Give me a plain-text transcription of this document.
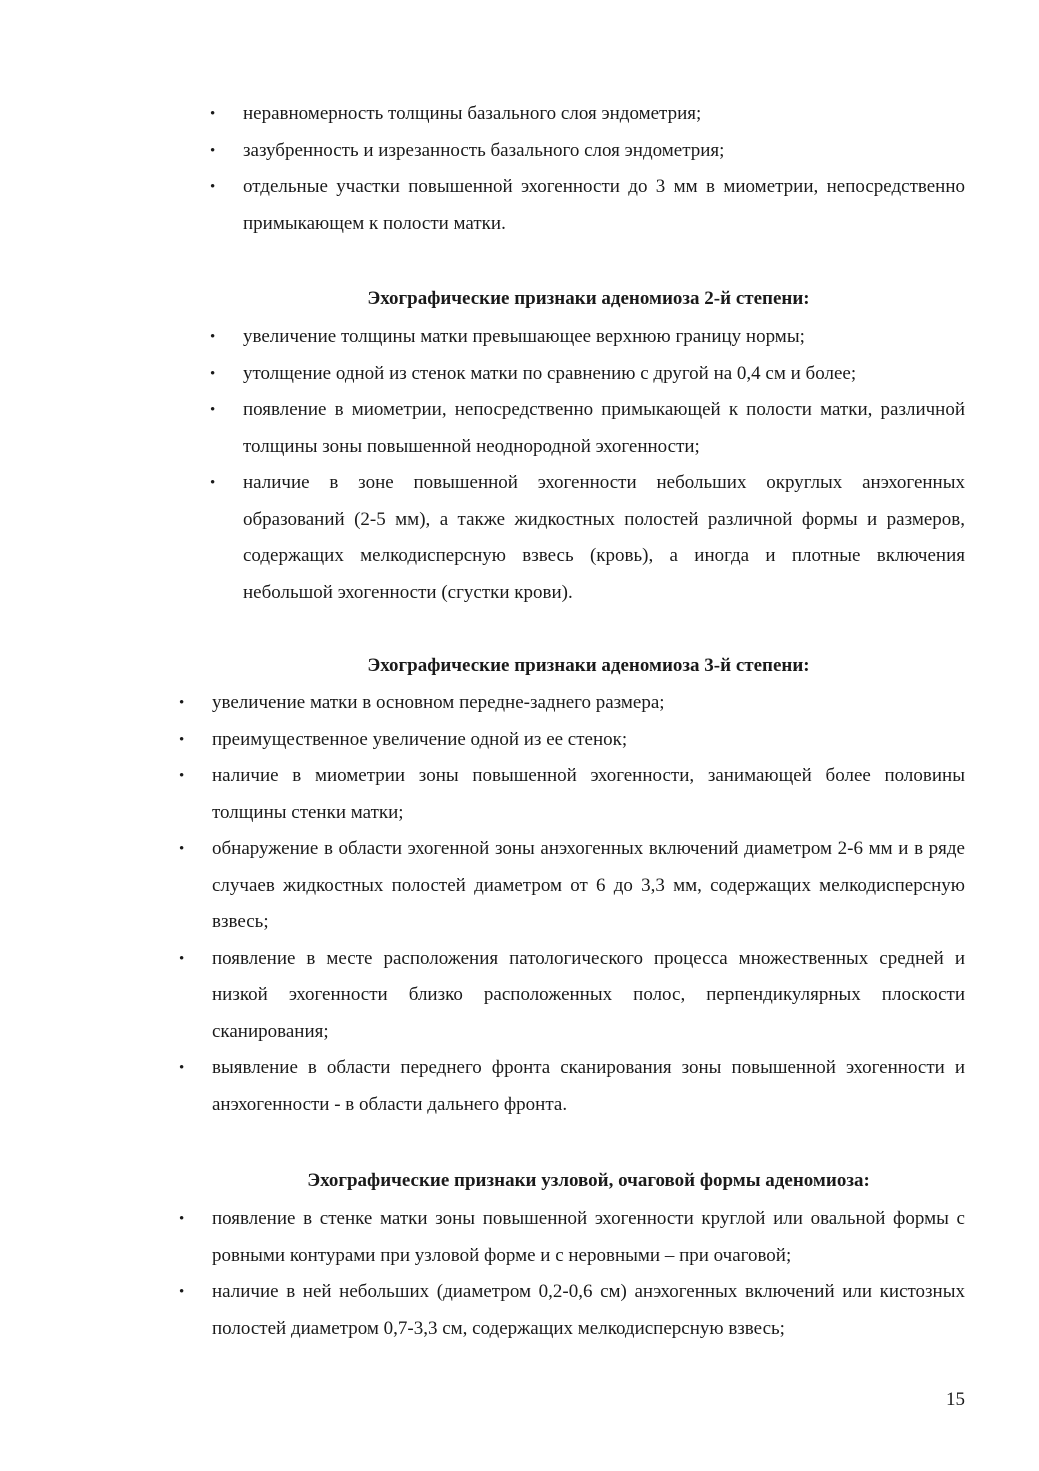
• неравномерность толщины базального слоя эндометрия;
• зазубренность и изрезанность базального слоя эндометрия;
• отдельные участки повышенной эхогенности до 3 мм в миометрии, непосредственно примыкающем к полости матки.
Эхографические признаки аденомиоза 2-й степени:
• увеличение толщины матки превышающее верхнюю границу нормы;
• утолщение одной из стенок матки по сравнению с другой на 0,4 см и более;
• появление в миометрии, непосредственно примыкающей к полости матки, различной толщины зоны повышенной неоднородной эхогенности;
• наличие в зоне повышенной эхогенности небольших округлых анэхогенных образований (2-5 мм), а также жидкостных полостей различной формы и размеров, содержащих мелкодисперсную взвесь (кровь), а иногда и плотные включения небольшой эхогенности (сгустки крови).
Эхографические признаки аденомиоза 3-й степени:
• увеличение матки в основном передне-заднего размера;
• преимущественное увеличение одной из ее стенок;
• наличие в миометрии зоны повышенной эхогенности, занимающей более половины толщины стенки матки;
• обнаружение в области эхогенной зоны анэхогенных включений диаметром 2-6 мм и в ряде случаев жидкостных полостей диаметром от 6 до 3,3 мм, содержащих мелкодисперсную взвесь;
• появление в месте расположения патологического процесса множественных средней и низкой эхогенности близко расположенных полос, перпендикулярных плоскости сканирования;
• выявление в области переднего фронта сканирования зоны повышенной эхогенности и анэхогенности - в области дальнего фронта.
Эхографические признаки узловой, очаговой формы аденомиоза:
• появление в стенке матки зоны повышенной эхогенности круглой или овальной формы с ровными контурами при узловой форме и с неровными – при очаговой;
• наличие в ней небольших (диаметром 0,2-0,6 см) анэхогенных включений или кистозных полостей диаметром 0,7-3,3 см, содержащих мелкодисперсную взвесь;
15
